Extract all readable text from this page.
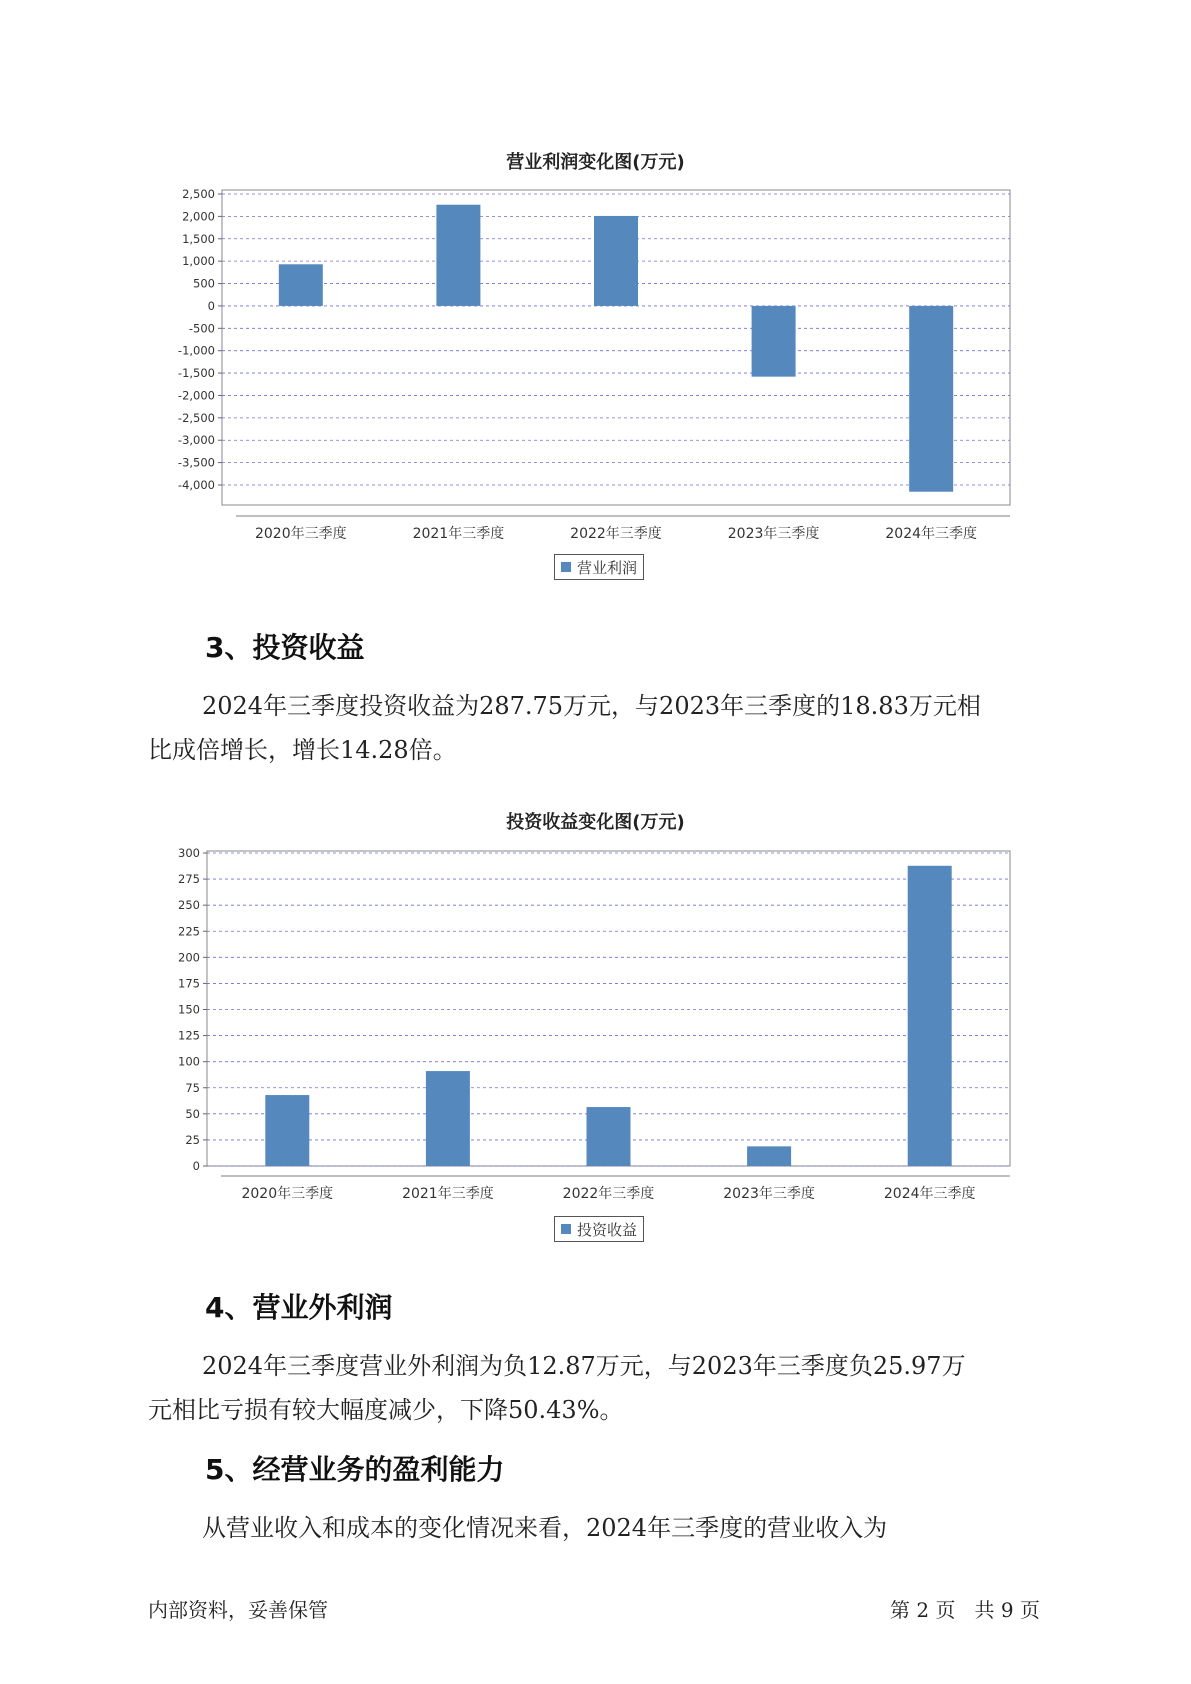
营业利润变化图(万元)
2,500
2,000
1,500
1,000
500
0
-500
-1,000
-1,500
-2,000
-2,500
-3,000
-3,500
-4,000
2020年三季度	2021年三季度	2022年三季度	2023年三季度	2024年三季度
营业利润
3、投资收益

2024年三季度投资收益为287.75万元，与2023年三季度的18.83万元相

比成倍增长，增长14.28倍。

投资收益变化图(万元)
300
275
250
225
200
175
150
125
100
75
50
25
0
2020年三季度	2021年三季度	2022年三季度	2023年三季度	2024年三季度
投资收益
4、营业外利润

2024年三季度营业外利润为负12.87万元，与2023年三季度负25.97万

元相比亏损有较大幅度减少，下降50.43%。

5、经营业务的盈利能力

从营业收入和成本的变化情况来看，2024年三季度的营业收入为

内部资料，妥善保管	第 2 页   共 9 页
